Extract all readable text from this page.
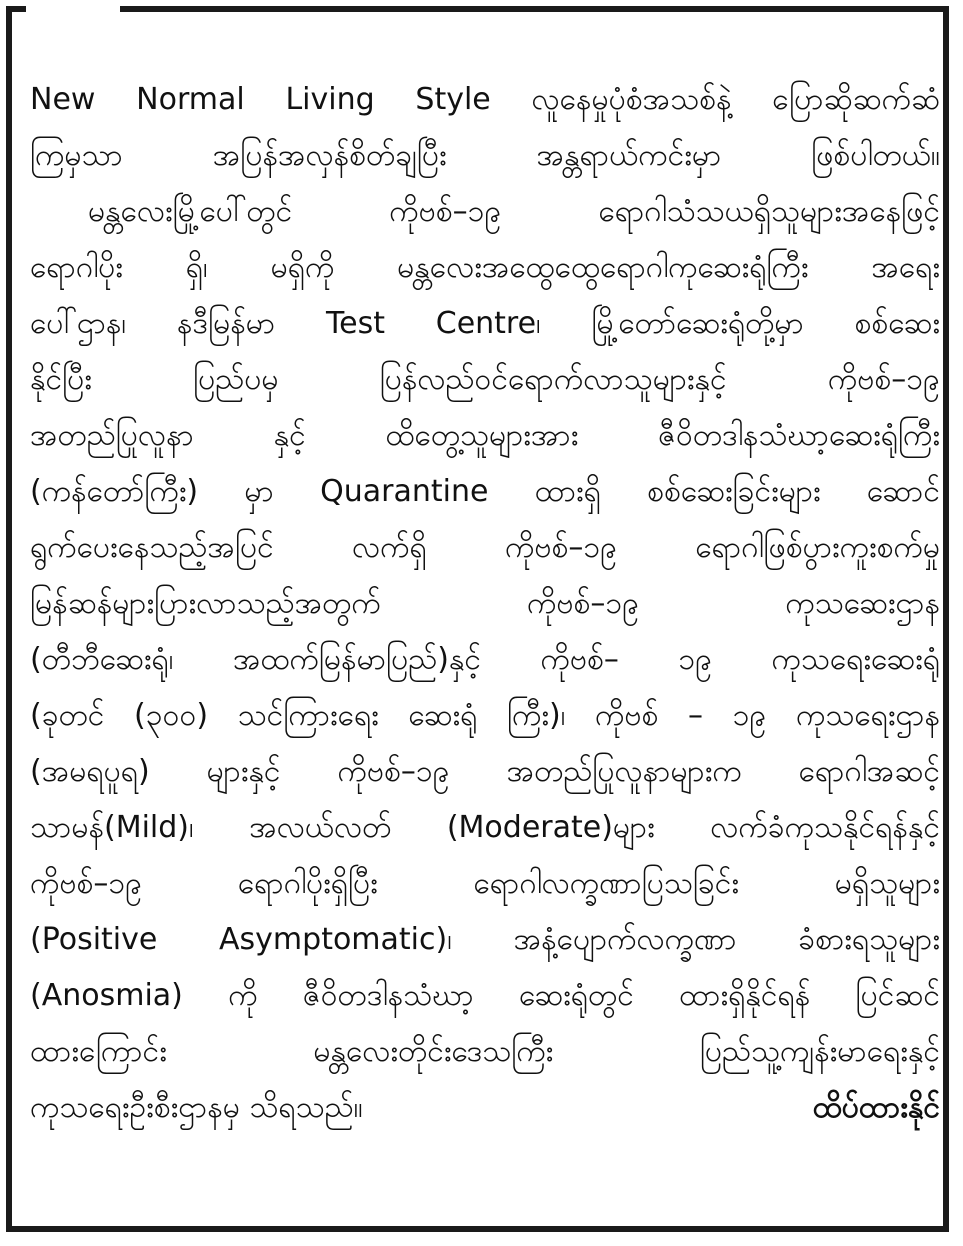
New Normal Living Style လူနေမှုပုံစံအသစ်နဲ့ ပြောဆိုဆက်ဆံ
ကြမှသာ အပြန်အလှန်စိတ်ချပြီး အန္တရာယ်ကင်းမှာ ဖြစ်ပါတယ်။
မန္တလေးမြို့ပေါ်တွင် ကိုဗစ်–၁၉ ရောဂါသံသယရှိသူများအနေဖြင့်
ရောဂါပိုး ရှိ၊ မရှိကို မန္တလေးအထွေထွေရောဂါကုဆေးရုံကြီး အရေး
ပေါ်ဌာန၊ နဒီမြန်မာ Test Centre၊ မြို့တော်ဆေးရုံတို့မှာ စစ်ဆေး
နိုင်ပြီး ပြည်ပမှ ပြန်လည်ဝင်ရောက်လာသူများနှင့် ကိုဗစ်–၁၉
အတည်ပြုလူနာ နှင့် ထိတွေ့သူများအား ဇီဝိတဒါနသံဃာ့ဆေးရုံကြီး
(ကန်တော်ကြီး) မှာ Quarantine ထားရှိ စစ်ဆေးခြင်းများ ဆောင်
ရွက်ပေးနေသည့်အပြင် လက်ရှိ ကိုဗစ်–၁၉ ရောဂါဖြစ်ပွားကူးစက်မှု
မြန်ဆန်များပြားလာသည့်အတွက် ကိုဗစ်–၁၉ ကုသဆေးဌာန
(တီဘီဆေးရုံ၊ အထက်မြန်မာပြည်)နှင့် ကိုဗစ်– ၁၉ ကုသရေးဆေးရုံ
(ခုတင် (၃၀၀) သင်ကြားရေး ဆေးရုံ ကြီး)၊ ကိုဗစ် – ၁၉ ကုသရေးဌာန
(အမရပူရ) များနှင့် ကိုဗစ်–၁၉ အတည်ပြုလူနာများက ရောဂါအဆင့်
သာမန်(Mild)၊ အလယ်လတ် (Moderate)များ လက်ခံကုသနိုင်ရန်နှင့်
ကိုဗစ်–၁၉ ရောဂါပိုးရှိပြီး ရောဂါလက္ခဏာပြသခြင်း မရှိသူများ
(Positive Asymptomatic)၊ အနံ့ပျောက်လက္ခဏာ ခံစားရသူများ
(Anosmia) ကို ဇီဝိတဒါနသံဃာ့ ဆေးရုံတွင် ထားရှိနိုင်ရန် ပြင်ဆင်
ထားကြောင်း မန္တလေးတိုင်းဒေသကြီး ပြည်သူ့ကျန်းမာရေးနှင့်
ကုသရေးဦးစီးဌာနမှ သိရသည်။	ထိပ်ထားနိုင်
